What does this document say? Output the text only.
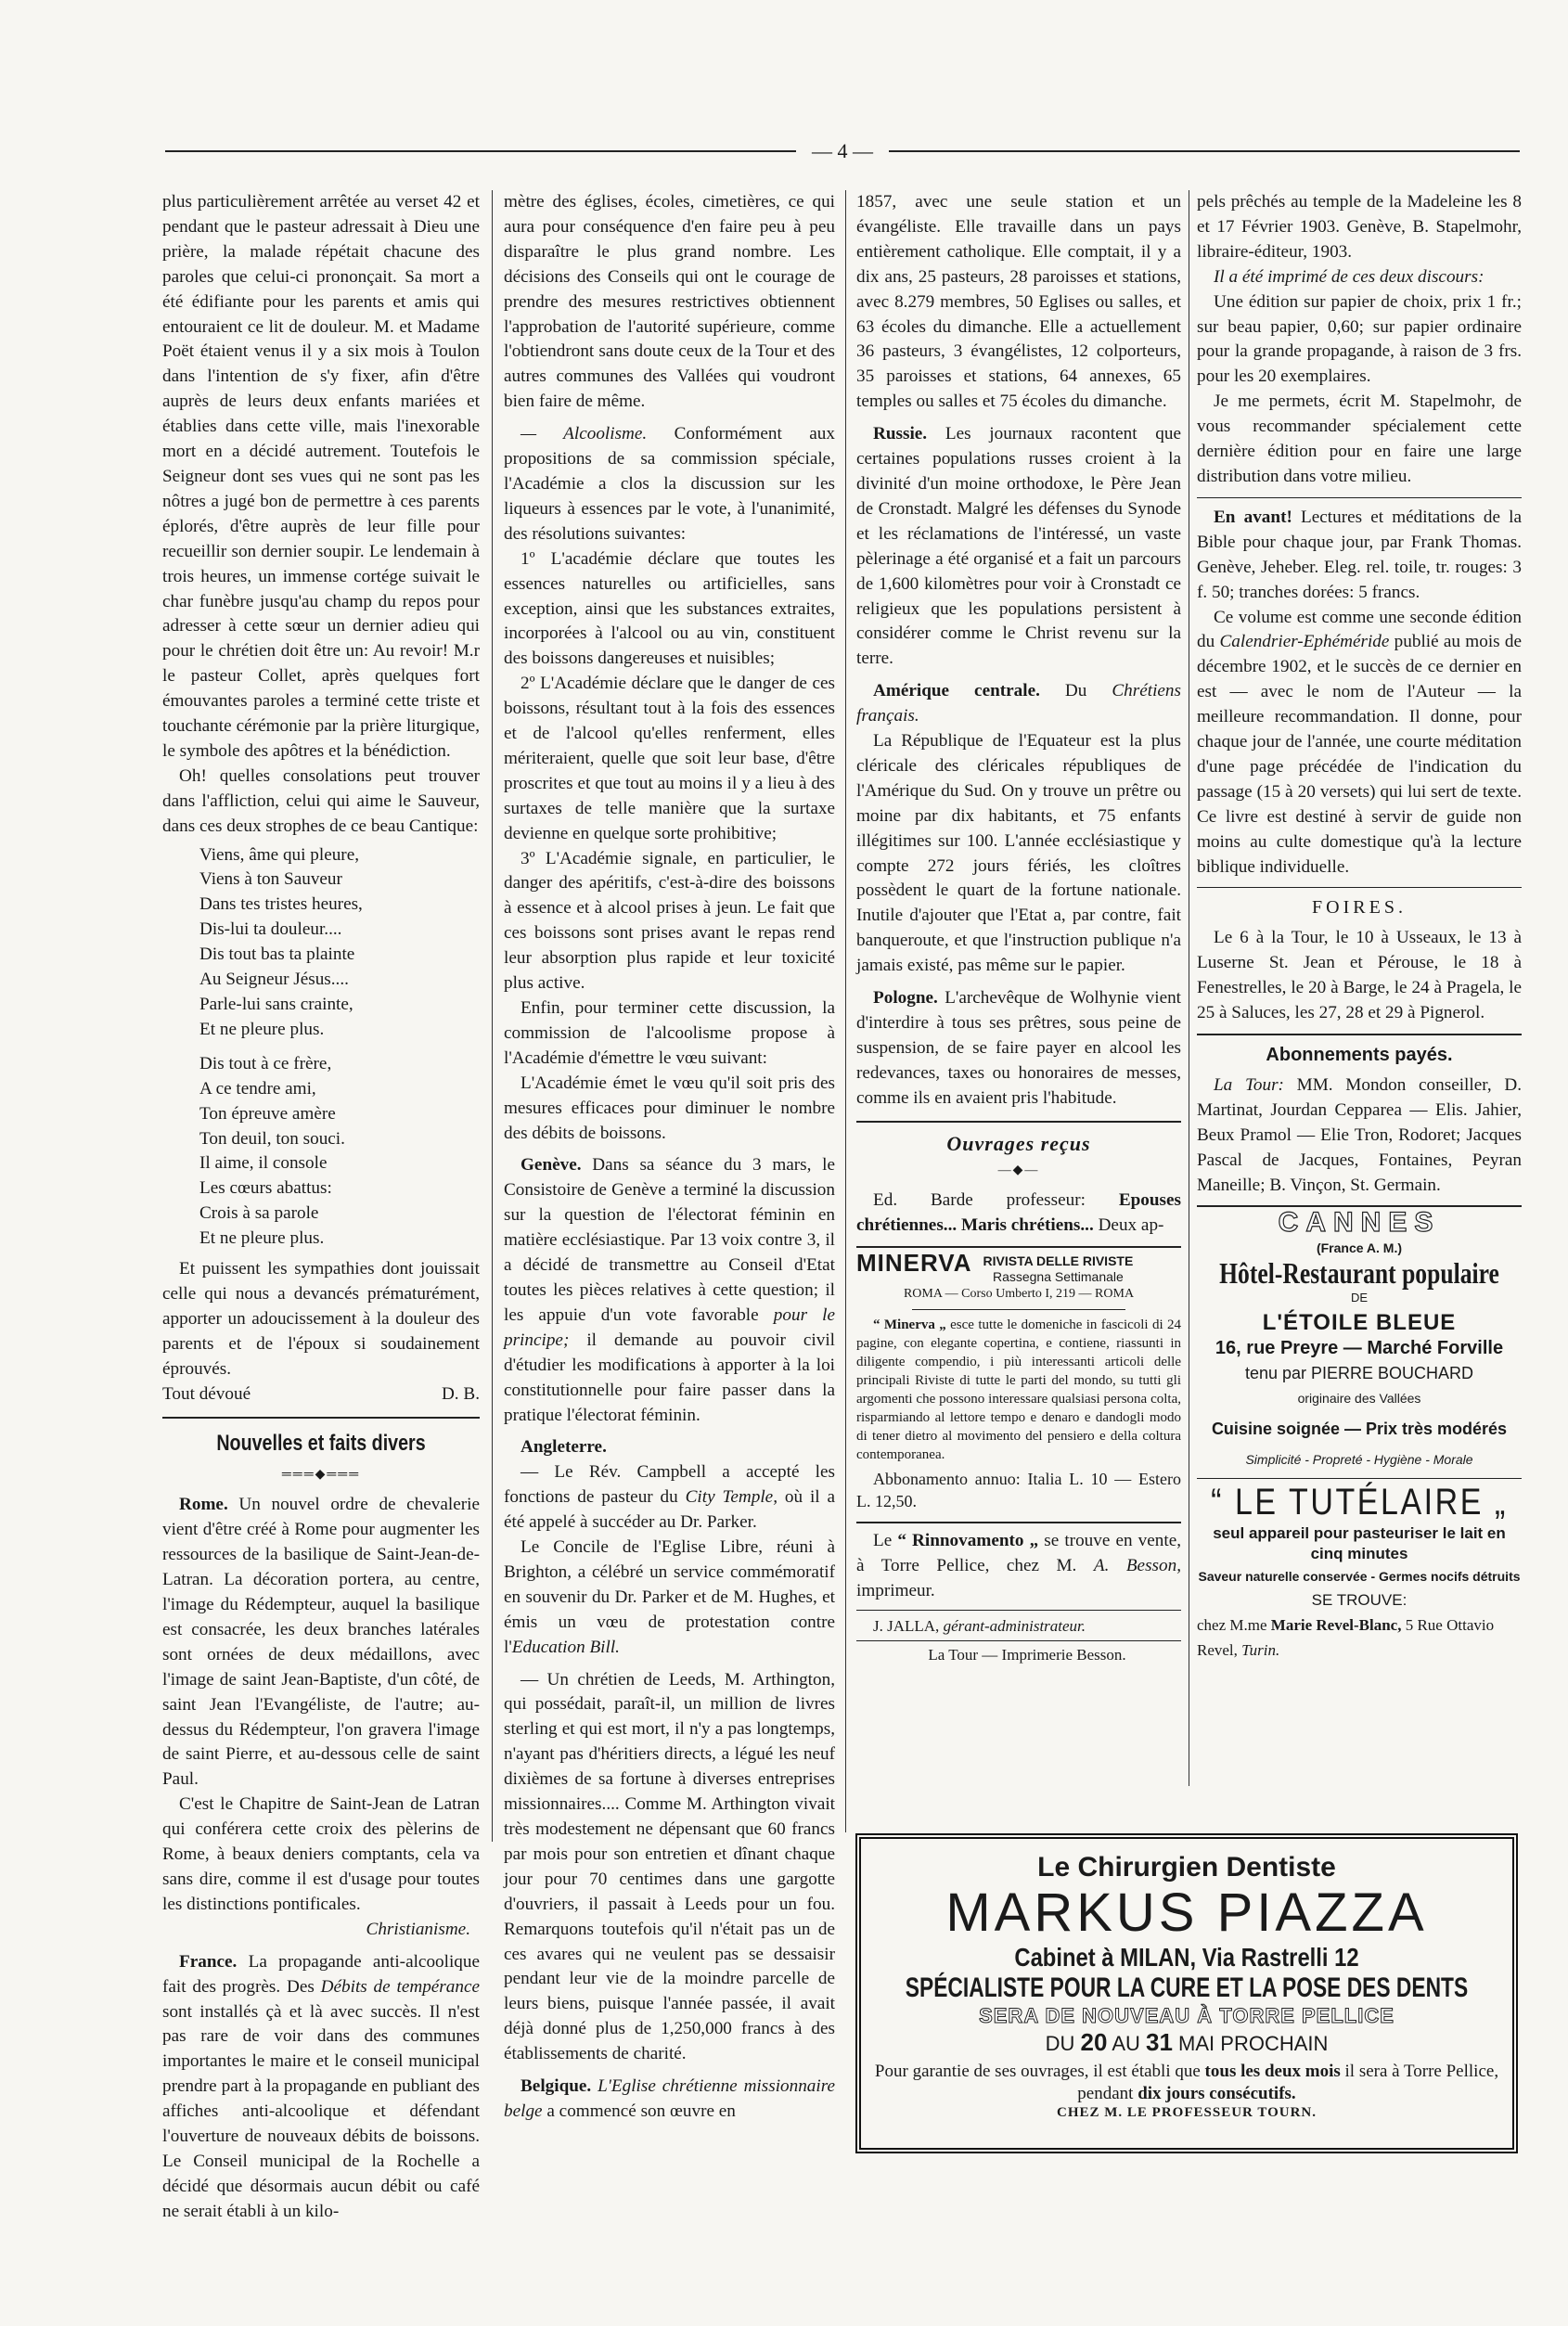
— 4 —

plus particulièrement arrêtée au verset 42 et pendant que le pasteur adressait à Dieu une prière, la malade répétait chacune des paroles que celui-ci prononçait. Sa mort a été édifiante pour les parents et amis qui entouraient ce lit de douleur. M. et Madame Poët étaient venus il y a six mois à Toulon dans l'intention de s'y fixer, afin d'être auprès de leurs deux enfants mariées et établies dans cette ville, mais l'inexorable mort en a décidé autrement. Toutefois le Seigneur dont ses vues qui ne sont pas les nôtres a jugé bon de permettre à ces parents éplorés, d'être auprès de leur fille pour recueillir son dernier soupir. Le lendemain à trois heures, un immense cortége suivait le char funèbre jusqu'au champ du repos pour adresser à cette sœur un dernier adieu qui pour le chrétien doit être un: Au revoir! M.r le pasteur Collet, après quelques fort émouvantes paroles a terminé cette triste et touchante cérémonie par la prière liturgique, le symbole des apôtres et la bénédiction.

Oh! quelles consolations peut trouver dans l'affliction, celui qui aime le Sauveur, dans ces deux strophes de ce beau Cantique:

Viens, âme qui pleure,
Viens à ton Sauveur
Dans tes tristes heures,
Dis-lui ta douleur....
Dis tout bas ta plainte
Au Seigneur Jésus....
Parle-lui sans crainte,
Et ne pleure plus.
Dis tout à ce frère,
A ce tendre ami,
Ton épreuve amère
Ton deuil, ton souci.
Il aime, il console
Les cœurs abattus:
Crois à sa parole
Et ne pleure plus.

Et puissent les sympathies dont jouissait celle qui nous a devancés prématurément, apporter un adoucissement à la douleur des parents et de l'époux si soudainement éprouvés.

Tout dévoué	D. B.
Nouvelles et faits divers
═══◆═══

Rome. Un nouvel ordre de chevalerie vient d'être créé à Rome pour augmenter les ressources de la basilique de Saint-Jean-de-Latran. La décoration portera, au centre, l'image du Rédempteur, auquel la basilique est consacrée, les deux branches latérales sont ornées de deux médaillons, avec l'image de saint Jean-Baptiste, d'un côté, de saint Jean l'Evangéliste, de l'autre; au-dessus du Rédempteur, l'on gravera l'image de saint Pierre, et au-dessous celle de saint Paul.

C'est le Chapitre de Saint-Jean de Latran qui conférera cette croix des pèlerins de Rome, à beaux deniers comptants, cela va sans dire, comme il est d'usage pour toutes les distinctions pontificales.

Christianisme.

France. La propagande anti-alcoolique fait des progrès. Des Débits de tempérance sont installés çà et là avec succès. Il n'est pas rare de voir dans des communes importantes le maire et le conseil municipal prendre part à la propagande en publiant des affiches anti-alcoolique et défendant l'ouverture de nouveaux débits de boissons. Le Conseil municipal de la Rochelle a décidé que désormais aucun débit ou café ne serait établi à un kilo-

mètre des églises, écoles, cimetières, ce qui aura pour conséquence d'en faire peu à peu disparaître le plus grand nombre. Les décisions des Conseils qui ont le courage de prendre des mesures restrictives obtiennent l'approbation de l'autorité supérieure, comme l'obtiendront sans doute ceux de la Tour et des autres communes des Vallées qui voudront bien faire de même.

— Alcoolisme. Conformément aux propositions de sa commission spéciale, l'Académie a clos la discussion sur les liqueurs à essences par le vote, à l'unanimité, des résolutions suivantes:

1º L'académie déclare que toutes les essences naturelles ou artificielles, sans exception, ainsi que les substances extraites, incorporées à l'alcool ou au vin, constituent des boissons dangereuses et nuisibles;

2º L'Académie déclare que le danger de ces boissons, résultant tout à la fois des essences et de l'alcool qu'elles renferment, elles mériteraient, quelle que soit leur base, d'être proscrites et que tout au moins il y a lieu à des surtaxes de telle manière que la surtaxe devienne en quelque sorte prohibitive;

3º L'Académie signale, en particulier, le danger des apéritifs, c'est-à-dire des boissons à essence et à alcool prises à jeun. Le fait que ces boissons sont prises avant le repas rend leur absorption plus rapide et leur toxicité plus active.

Enfin, pour terminer cette discussion, la commission de l'alcoolisme propose à l'Académie d'émettre le vœu suivant:

L'Académie émet le vœu qu'il soit pris des mesures efficaces pour diminuer le nombre des débits de boissons.

Genève. Dans sa séance du 3 mars, le Consistoire de Genève a terminé la discussion sur la question de l'électorat féminin en matière ecclésiastique. Par 13 voix contre 3, il a décidé de transmettre au Conseil d'Etat toutes les pièces relatives à cette question; il les appuie d'un vote favorable pour le principe; il demande au pouvoir civil d'étudier les modifications à apporter à la loi constitutionnelle pour faire passer dans la pratique l'électorat féminin.

Angleterre.

— Le Rév. Campbell a accepté les fonctions de pasteur du City Temple, où il a été appelé à succéder au Dr. Parker.

Le Concile de l'Eglise Libre, réuni à Brighton, a célébré un service commémoratif en souvenir du Dr. Parker et de M. Hughes, et émis un vœu de protestation contre l'Education Bill.

— Un chrétien de Leeds, M. Arthington, qui possédait, paraît-il, un million de livres sterling et qui est mort, il n'y a pas longtemps, n'ayant pas d'héritiers directs, a légué les neuf dixièmes de sa fortune à diverses entreprises missionnaires.... Comme M. Arthington vivait très modestement ne dépensant que 60 francs par mois pour son entretien et dînant chaque jour pour 70 centimes dans une gargotte d'ouvriers, il passait à Leeds pour un fou. Remarquons toutefois qu'il n'était pas un de ces avares qui ne veulent pas se dessaisir pendant leur vie de la moindre parcelle de leurs biens, puisque l'année passée, il avait déjà donné plus de 1,250,000 francs à des établissements de charité.

Belgique. L'Eglise chrétienne missionnaire belge a commencé son œuvre en

1857, avec une seule station et un évangéliste. Elle travaille dans un pays entièrement catholique. Elle comptait, il y a dix ans, 25 pasteurs, 28 paroisses et stations, avec 8.279 membres, 50 Eglises ou salles, et 63 écoles du dimanche. Elle a actuellement 36 pasteurs, 3 évangélistes, 12 colporteurs, 35 paroisses et stations, 64 annexes, 65 temples ou salles et 75 écoles du dimanche.

Russie. Les journaux racontent que certaines populations russes croient à la divinité d'un moine orthodoxe, le Père Jean de Cronstadt. Malgré les défenses du Synode et les réclamations de l'intéressé, un vaste pèlerinage a été organisé et a fait un parcours de 1,600 kilomètres pour voir à Cronstadt ce religieux que les populations persistent à considérer comme le Christ revenu sur la terre.

Amérique centrale. Du Chrétiens français.

La République de l'Equateur est la plus cléricale des cléricales républiques de l'Amérique du Sud. On y trouve un prêtre ou moine par dix habitants, et 75 enfants illégitimes sur 100. L'année ecclésiastique y compte 272 jours fériés, les cloîtres possèdent le quart de la fortune nationale. Inutile d'ajouter que l'Etat a, par contre, fait banqueroute, et que l'instruction publique n'a jamais existé, pas même sur le papier.

Pologne. L'archevêque de Wolhynie vient d'interdire à tous ses prêtres, sous peine de suspension, de se faire payer en alcool les redevances, taxes ou honoraires de messes, comme ils en avaient pris l'habitude.

Ouvrages reçus
—◆—

Ed. Barde professeur: Epouses chrétiennes... Maris chrétiens... Deux ap-

MINERVA RIVISTA DELLE RIVISTE
Rassegna Settimanale
ROMA — Corso Umberto I, 219 — ROMA

“ Minerva „ esce tutte le domeniche in fascicoli di 24 pagine, con elegante copertina, e contiene, riassunti in diligente compendio, i più interessanti articoli delle principali Riviste di tutte le parti del mondo, su tutti gli argomenti che possono interessare qualsiasi persona colta, risparmiando al lettore tempo e denaro e dandogli modo di tener dietro al movimento del pensiero e della coltura contemporanea.

Abbonamento annuo: Italia L. 10 — Estero L. 12,50.

Le “ Rinnovamento „ se trouve en vente, à Torre Pellice, chez M. A. Besson, imprimeur.

J. JALLA, gérant-administrateur.

La Tour — Imprimerie Besson.

pels prêchés au temple de la Madeleine les 8 et 17 Février 1903. Genève, B. Stapelmohr, libraire-éditeur, 1903.

Il a été imprimé de ces deux discours:

Une édition sur papier de choix, prix 1 fr.; sur beau papier, 0,60; sur papier ordinaire pour la grande propagande, à raison de 3 frs. pour les 20 exemplaires.

Je me permets, écrit M. Stapelmohr, de vous recommander spécialement cette dernière édition pour en faire une large distribution dans votre milieu.

En avant! Lectures et méditations de la Bible pour chaque jour, par Frank Thomas. Genève, Jeheber. Eleg. rel. toile, tr. rouges: 3 f. 50; tranches dorées: 5 francs.

Ce volume est comme une seconde édition du Calendrier-Ephéméride publié au mois de décembre 1902, et le succès de ce dernier en est — avec le nom de l'Auteur — la meilleure recommandation. Il donne, pour chaque jour de l'année, une courte méditation d'une page précédée de l'indication du passage (15 à 20 versets) qui lui sert de texte. Ce livre est destiné à servir de guide non moins au culte domestique qu'à la lecture biblique individuelle.

FOIRES.

Le 6 à la Tour, le 10 à Usseaux, le 13 à Luserne St. Jean et Pérouse, le 18 à Fenestrelles, le 20 à Barge, le 24 à Pragela, le 25 à Saluces, les 27, 28 et 29 à Pignerol.

Abonnements payés.

La Tour: MM. Mondon conseiller, D. Martinat, Jourdan Cepparea — Elis. Jahier, Beux Pramol — Elie Tron, Rodoret; Jacques Pascal de Jacques, Fontaines, Peyran Maneille; B. Vinçon, St. Germain.

CANNES
(France A. M.)
Hôtel-Restaurant populaire
DE
L'ÉTOILE BLEUE
16, rue Preyre — Marché Forville
tenu par PIERRE BOUCHARD
originaire des Vallées
Cuisine soignée — Prix très modérés
Simplicité - Propreté - Hygiène - Morale
“ LE TUTÉLAIRE „
seul appareil pour pasteuriser le lait en cinq minutes
Saveur naturelle conservée - Germes nocifs détruits
SE TROUVE:
chez M.me Marie Revel-Blanc, 5 Rue Ottavio Revel, Turin.
Le Chirurgien Dentiste
MARKUS PIAZZA
Cabinet à MILAN, Via Rastrelli 12
SPÉCIALISTE POUR LA CURE ET LA POSE DES DENTS
SERA DE NOUVEAU À TORRE PELLICE
DU 20 AU 31 MAI PROCHAIN
Pour garantie de ses ouvrages, il est établi que tous les deux mois il sera à Torre Pellice, pendant dix jours consécutifs.
CHEZ M. LE PROFESSEUR TOURN.
